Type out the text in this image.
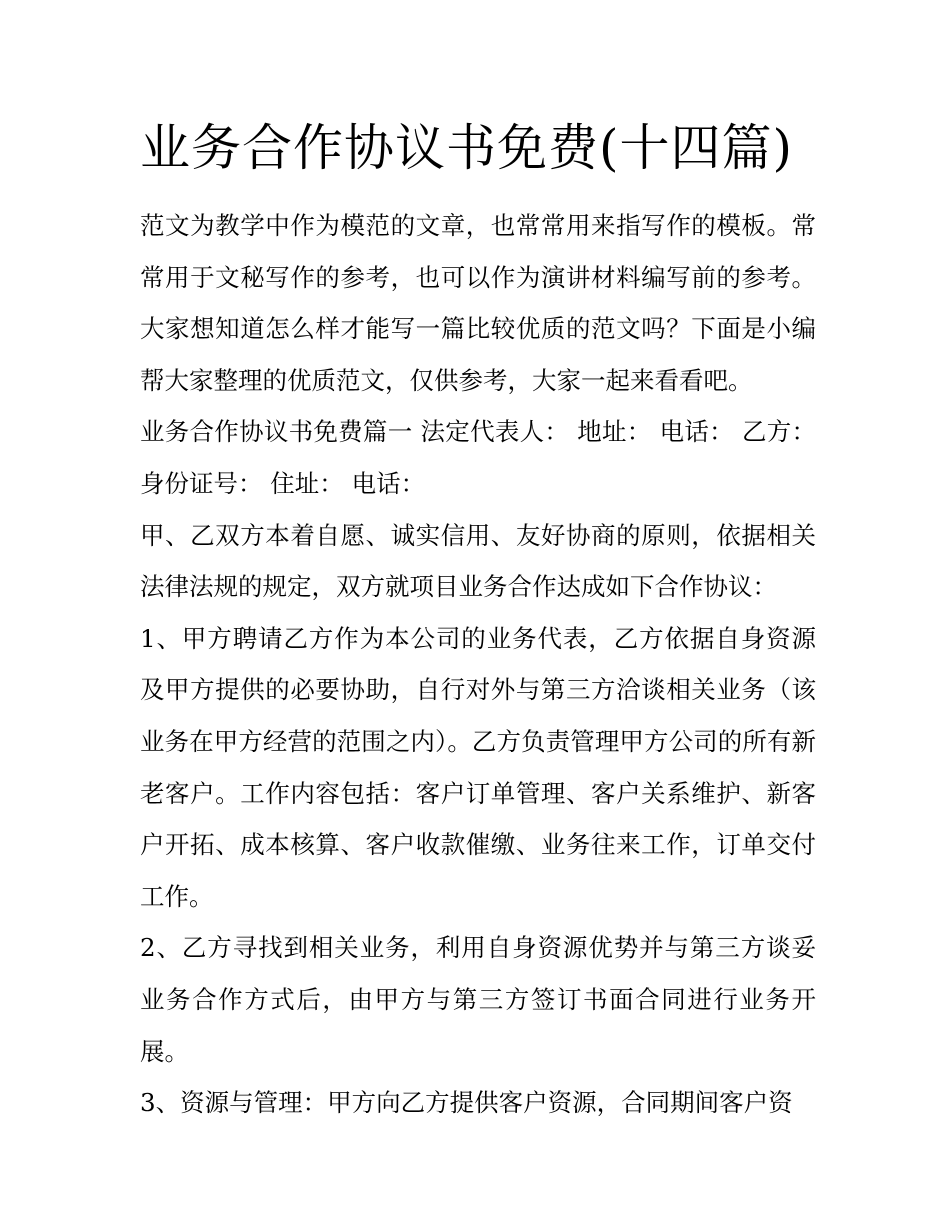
业务合作协议书免费(十四篇)

范文为教学中作为模范的文章，也常常用来指写作的模板。常常用于文秘写作的参考，也可以作为演讲材料编写前的参考。大家想知道怎么样才能写一篇比较优质的范文吗？下面是小编帮大家整理的优质范文，仅供参考，大家一起来看看吧。

业务合作协议书免费篇一 法定代表人： 地址： 电话： 乙方： 身份证号： 住址： 电话：

甲、乙双方本着自愿、诚实信用、友好协商的原则，依据相关法律法规的规定，双方就项目业务合作达成如下合作协议：

1、甲方聘请乙方作为本公司的业务代表，乙方依据自身资源及甲方提供的必要协助，自行对外与第三方洽谈相关业务（该业务在甲方经营的范围之内）。乙方负责管理甲方公司的所有新老客户。工作内容包括：客户订单管理、客户关系维护、新客户开拓、成本核算、客户收款催缴、业务往来工作，订单交付工作。

2、乙方寻找到相关业务，利用自身资源优势并与第三方谈妥业务合作方式后，由甲方与第三方签订书面合同进行业务开展。

3、资源与管理：甲方向乙方提供客户资源，合同期间客户资
